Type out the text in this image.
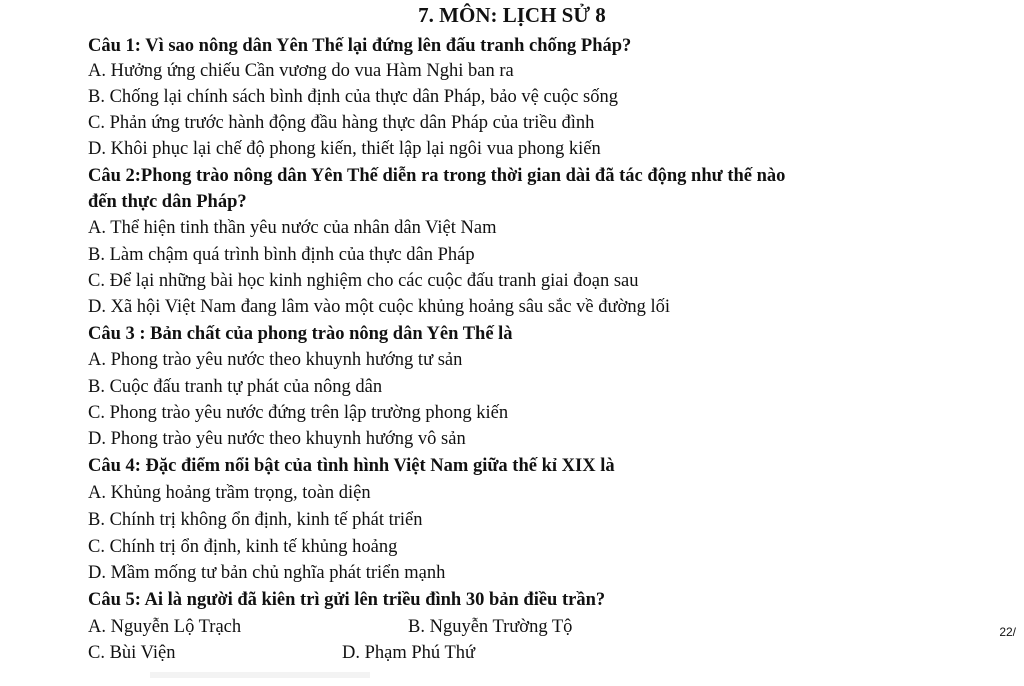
7. MÔN: LỊCH SỬ 8
Câu 1: Vì sao nông dân Yên Thế lại đứng lên đấu tranh chống Pháp?
A. Hưởng ứng chiếu Cần vương do vua Hàm Nghi ban ra
B. Chống lại chính sách bình định của thực dân Pháp, bảo vệ cuộc sống
C. Phản ứng trước hành động đầu hàng thực dân Pháp của triều đình
D. Khôi phục lại chế độ phong kiến, thiết lập lại ngôi vua phong kiến
Câu 2:Phong trào nông dân Yên Thế diễn ra trong thời gian dài đã tác động như thế nào
đến thực dân Pháp?
A. Thể hiện tinh thần yêu nước của nhân dân Việt Nam
B. Làm chậm quá trình bình định của thực dân Pháp
C. Để lại những bài học kinh nghiệm cho các cuộc đấu tranh giai đoạn sau
D. Xã hội Việt Nam đang lâm vào một cuộc khủng hoảng sâu sắc về đường lối
Câu 3 : Bản chất của phong trào nông dân Yên Thế là
A. Phong trào yêu nước theo khuynh hướng tư sản
B. Cuộc đấu tranh tự phát của nông dân
C. Phong trào yêu nước đứng trên lập trường phong kiến
D. Phong trào yêu nước theo khuynh hướng vô sản
Câu 4: Đặc điểm nổi bật của tình hình Việt Nam giữa thế kỉ XIX là
A. Khủng hoảng trầm trọng, toàn diện
B. Chính trị không ổn định, kinh tế phát triển
C. Chính trị ổn định, kinh tế khủng hoảng
D. Mầm mống tư bản chủ nghĩa phát triển mạnh
Câu 5: Ai là người đã kiên trì gửi lên triều đình 30 bản điều trần?
A. Nguyễn Lộ Trạch	B. Nguyễn Trường Tộ
C. Bùi Viện	D. Phạm Phú Thứ
22/
